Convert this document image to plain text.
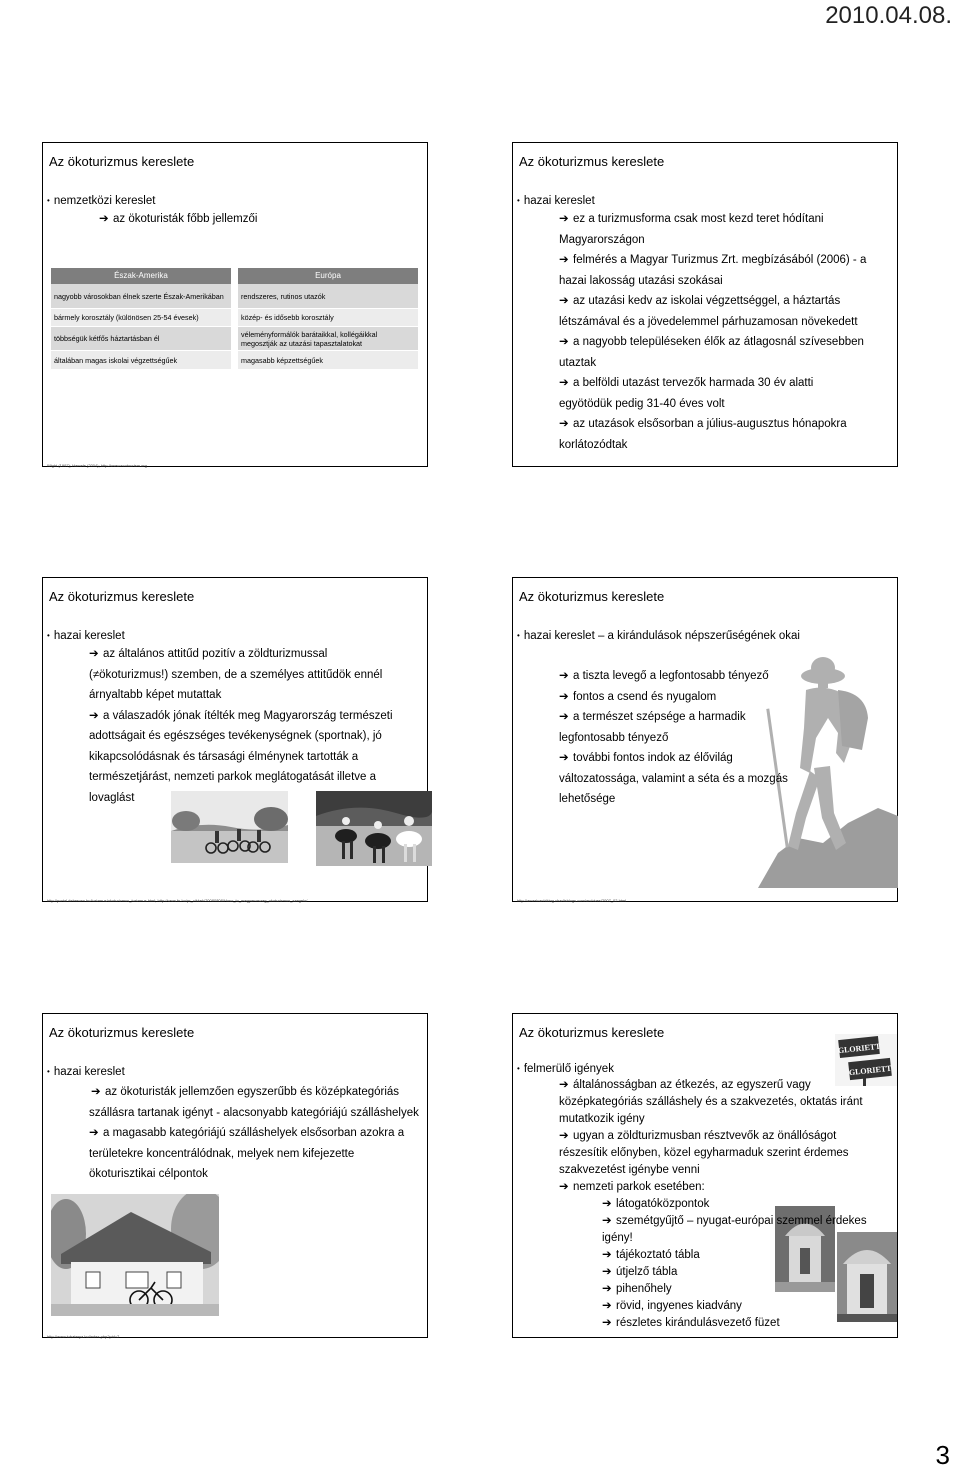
2010.04.08.
Az ökoturizmus kereslete
• nemzetközi kereslet
➔ az ökoturisták főbb jellemzői
Észak-Amerika
nagyobb városokban élnek szerte Észak-Amerikában
bármely korosztály (különösen 25-54 évesek)
többségük kétfős háztartásban él
általában magas iskolai végzettségűek
Európa
rendszeres, rutinos utazók
közép- és idősebb korosztály
véleményformálók barátaikkal, kollégáikkal megosztják az utazási tapasztalatokat
magasabb képzettségűek
Wight (1997); Hamele (2004); http://www.ecotourism.org
Az ökoturizmus kereslete
• hazai kereslet
➔ ez a turizmusforma csak most kezd teret hódítani
Magyarországon
➔ felmérés a Magyar Turizmus Zrt. megbízásából (2006) - a
hazai lakosság utazási szokásai
➔ az utazási kedv az iskolai végzettséggel, a háztartás
létszámával és a jövedelemmel párhuzamosan növekedett
➔ a nagyobb településeken élők az átlagosnál szívesebben
utaztak
➔ a belföldi utazást tervezők harmada 30 év alatti
egyötödük pedig 31-40 éves volt
➔ az utazások elsősorban a július-augusztus hónapokra
korlátozódtak
Az ökoturizmus kereslete
• hazai kereslet
➔ az általános attitűd pozitív a zöldturizmussal
(≠ökoturizmus!) szemben, de a személyes attitűdök ennél
árnyaltabb képet mutattak
➔ a válaszadók jónak ítélték meg Magyarország természeti
adottságait és egészséges tevékenységnek (sportnak), jó
kikapcsolódásnak és társasági élménynek tartották a
természetjárást, nemzeti parkok meglátogatását illetve a
lovaglást
http://portal.debrecen.hu/turizmus/okoturizmus_turizmus.html; http://www.fn.hu/pr_cikkek/20080808/Hoso_to_magyarorszag_okoturizmus_szegelo/
Az ökoturizmus kereslete
• hazai kereslet – a kirándulások népszerűségének okai
➔ a tiszta levegő a legfontosabb tényező
➔ fontos a csend és nyugalom
➔ a természet szépsége a harmadik
legfontosabb tényező
➔ további fontos indok az élővilág
változatossága, valamint a séta és a mozgás
lehetősége
http://americanhiking.charlisblogs.com/archives/2007_02.html
Az ökoturizmus kereslete
• hazai kereslet
➔ az ökoturisták jellemzően egyszerűbb és középkategóriás
szállásra tartanak igényt - alacsonyabb kategóriájú szálláshelyek
➔ a magasabb kategóriájú szálláshelyek elsősorban azokra a
területekre koncentrálódnak, melyek nem kifejezette
ökoturisztikai célpontok
http://www.tubaterya.hu/index.php?pid=2
Az ökoturizmus kereslete
GLORIETT
GLORIETT
• felmerülő igények
➔ általánosságban az étkezés, az egyszerű vagy
középkategóriás szálláshely és a szakvezetés, oktatás iránt
mutatkozik igény
➔ ugyan a zöldturizmusban résztvevők az önállóságot
részesítik előnyben, közel egyharmaduk szerint érdemes
szakvezetést igénybe venni
➔ nemzeti parkok esetében:
➔ látogatóközpontok
➔ szemétgyűjtő – nyugat-európai szemmel érdekes
igény!
➔ tájékoztató tábla
➔ útjelző tábla
➔ pihenőhely
➔ rövid, ingyenes kiadvány
➔ részletes kirándulásvezető füzet
3
